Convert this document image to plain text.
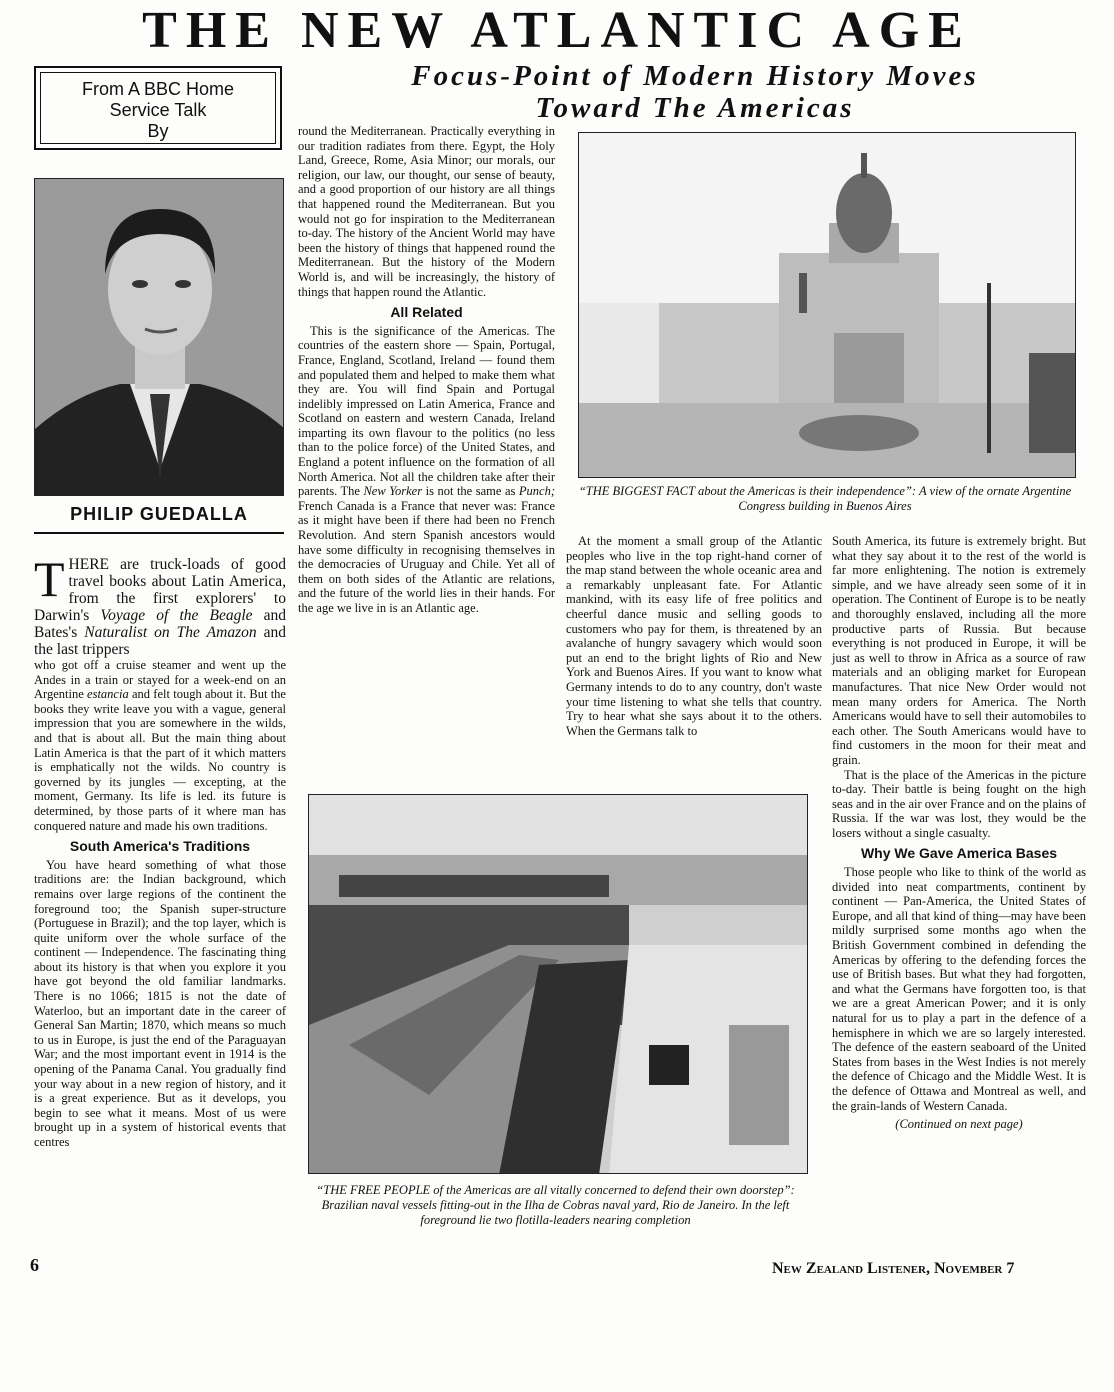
THE NEW ATLANTIC AGE
Focus-Point of Modern History Moves
Toward The Americas
From A BBC Home
Service Talk
By
PHILIP GUEDALLA
THERE are truck-loads of good travel books about Latin America, from the first explorers' to Darwin's Voyage of the Beagle and Bates's Naturalist on The Amazon and the last trippers

who got off a cruise steamer and went up the Andes in a train or stayed for a week-end on an Argentine estancia and felt tough about it. But the books they write leave you with a vague, general impression that you are somewhere in the wilds, and that is about all. But the main thing about Latin America is that the part of it which matters is emphatically not the wilds. No country is governed by its jungles — excepting, at the moment, Germany. Its life is led. its future is determined, by those parts of it where man has conquered nature and made his own traditions.

South America's Traditions

You have heard something of what those traditions are: the Indian background, which remains over large regions of the continent the foreground too; the Spanish super-structure (Portuguese in Brazil); and the top layer, which is quite uniform over the whole surface of the continent — Independence. The fascinating thing about its history is that when you explore it you have got beyond the old familiar landmarks. There is no 1066; 1815 is not the date of Waterloo, but an important date in the career of General San Martin; 1870, which means so much to us in Europe, is just the end of the Paraguayan War; and the most important event in 1914 is the opening of the Panama Canal. You gradually find your way about in a new region of history, and it is a great experience. But as it develops, you begin to see what it means. Most of us were brought up in a system of historical events that centres

round the Mediterranean. Practically everything in our tradition radiates from there. Egypt, the Holy Land, Greece, Rome, Asia Minor; our morals, our religion, our law, our thought, our sense of beauty, and a good proportion of our history are all things that happened round the Mediterranean. But you would not go for inspiration to the Mediterranean to-day. The history of the Ancient World may have been the history of things that happened round the Mediterranean. But the history of the Modern World is, and will be increasingly, the history of things that happen round the Atlantic.

All Related

This is the significance of the Americas. The countries of the eastern shore — Spain, Portugal, France, England, Scotland, Ireland — found them and populated them and helped to make them what they are. You will find Spain and Portugal indelibly impressed on Latin America, France and Scotland on eastern and western Canada, Ireland imparting its own flavour to the politics (no less than to the police force) of the United States, and England a potent influence on the formation of all North America. Not all the children take after their parents. The New Yorker is not the same as Punch; French Canada is a France that never was: France as it might have been if there had been no French Revolution. And stern Spanish ancestors would have some difficulty in recognising themselves in the democracies of Uruguay and Chile. Yet all of them on both sides of the Atlantic are relations, and the future of the world lies in their hands. For the age we live in is an Atlantic age.

“THE BIGGEST FACT about the Americas is their independence”: A view of the ornate Argentine Congress building in Buenos Aires

At the moment a small group of the Atlantic peoples who live in the top right-hand corner of the map stand between the whole oceanic area and a remarkably unpleasant fate. For Atlantic mankind, with its easy life of free politics and cheerful dance music and selling goods to customers who pay for them, is threatened by an avalanche of hungry savagery which would soon put an end to the bright lights of Rio and New York and Buenos Aires. If you want to know what Germany intends to do to any country, don't waste your time listening to what she tells that country. Try to hear what she says about it to the others. When the Germans talk to

South America, its future is extremely bright. But what they say about it to the rest of the world is far more enlightening. The notion is extremely simple, and we have already seen some of it in operation. The Continent of Europe is to be neatly and thoroughly enslaved, including all the more productive parts of Russia. But because everything is not produced in Europe, it will be just as well to throw in Africa as a source of raw materials and an obliging market for European manufactures. That nice New Order would not mean many orders for America. The North Americans would have to sell their automobiles to each other. The South Americans would have to find customers in the moon for their meat and grain.

That is the place of the Americas in the picture to-day. Their battle is being fought on the high seas and in the air over France and on the plains of Russia. If the war was lost, they would be the losers without a single casualty.

Why We Gave America Bases

Those people who like to think of the world as divided into neat compartments, continent by continent — Pan-America, the United States of Europe, and all that kind of thing—may have been mildly surprised some months ago when the British Government combined in defending the Americas by offering to the defending forces the use of British bases. But what they had forgotten, and what the Germans have forgotten too, is that we are a great American Power; and it is only natural for us to play a part in the defence of a hemisphere in which we are so largely interested. The defence of the eastern seaboard of the United States from bases in the West Indies is not merely the defence of Chicago and the Middle West. It is the defence of Ottawa and Montreal as well, and the grain-lands of Western Canada.

(Continued on next page)
“THE FREE PEOPLE of the Americas are all vitally concerned to defend their own doorstep”: Brazilian naval vessels fitting-out in the Ilha de Cobras naval yard, Rio de Janeiro. In the left foreground lie two flotilla-leaders nearing completion
6	New Zealand Listener, November 7
